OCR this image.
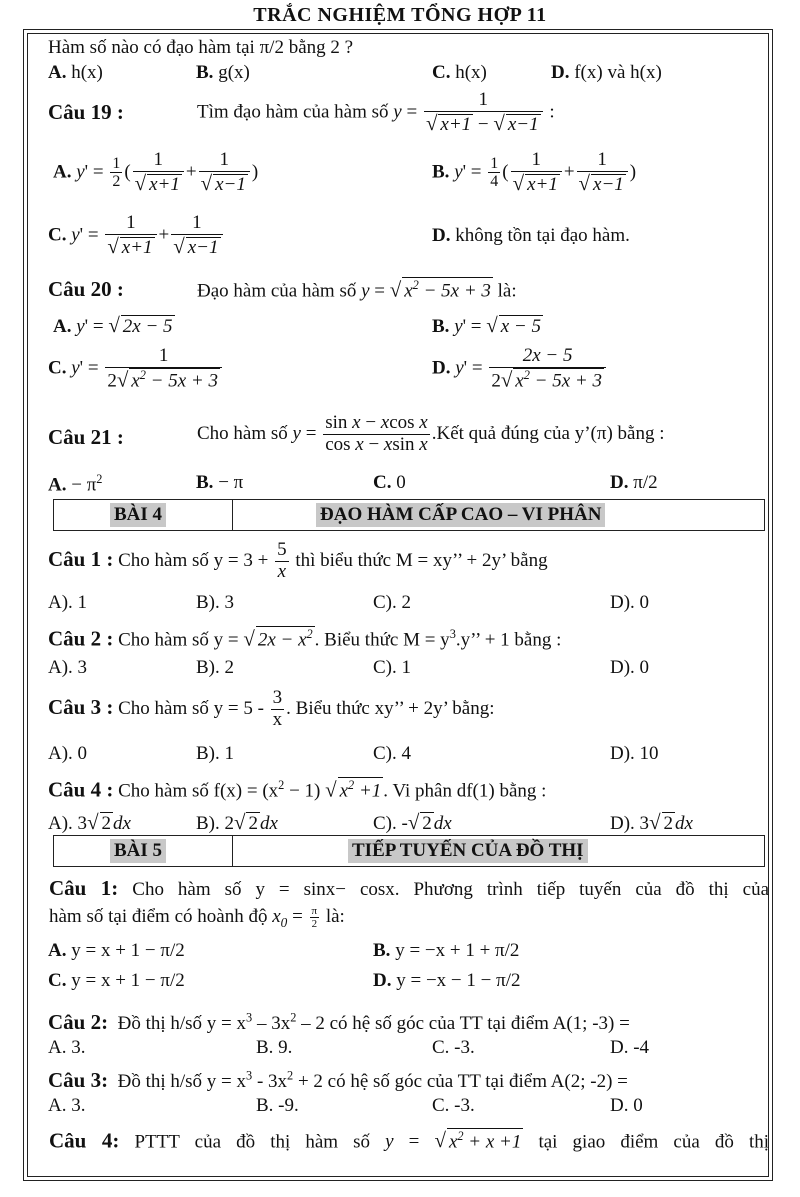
TRẮC NGHIỆM TỔNG HỢP 11
Hàm số nào có đạo hàm tại π/2 bằng 2 ?
A. h(x)	B. g(x)	C. h(x)	D. f(x) và h(x)
Câu 19 :	Tìm đạo hàm của hàm số $y = \frac{1}{√ x+1 - √ x-1}$ :
A. $y' = \frac{1}{2}$ ( $\frac{1}{√ x+1} + \frac{1}{√ x-1}$ )	B. $y' = \frac{1}{4}$ ( $\frac{1}{√ x+1} + \frac{1}{√ x-1}$ )
C. $y' = \frac{1}{√ x+1} + \frac{1}{√ x-1}$	D. không tồn tại đạo hàm.
Câu 20 :	Đạo hàm của hàm số y = √ $x^2 - 5x + 3$ là:
A. y' = √ 2x − 5	B. y' = √ x − 5
C. $y' = \frac{1}{2√ x^2 - 5x + 3}$	D. $y' = \frac{2x - 5}{2√ x^2 - 5x + 3}$
Câu 21 :	Cho hàm số $y = \frac{\text{sin x − xcos x}}{\text{cos x − xsin x}}$ .Kết quả đúng của y’(π) bằng :
A. − $\pi^2$	B. − π	C. 0	D. π/2
BÀI 4	ĐẠO HÀM CẤP CAO – VI PHÂN
Câu 1 : Cho hàm số $y = 3 + \frac{5}{x}$ thì biểu thức M = xy’’ + 2y’ bằng
A). 1	B). 3	C). 2	D). 0
Câu 2 : Cho hàm số y = √ $2x - x^2$ . Biểu thức $M = y^3.y$’’ + 1 bằng :
A). 3	B). 2	C). 1	D). 0
Câu 3 : Cho hàm số $y = 5 - \frac{3}{x}$ . Biểu thức xy’’ + 2y’ bằng:
A). 0	B). 1	C). 4	D). 10
Câu 4 : Cho hàm số $f(x) = (x^2 - 1)$ √ $x^2 +1$ . Vi phân df(1) bằng :
A). 3√ 2 dx	B). 2√ 2 dx	C). -√ 2 dx	D). 3√ 2 dx
BÀI 5	TIẾP TUYẾN CỦA ĐỒ THỊ
Câu 1: Cho hàm số y = sinx− cosx. Phương trình tiếp tuyến của đồ thị của
hàm số tại điểm có hoành độ $x_0 = \frac{\pi}{2}$ là:
A. y = x + 1 − π/2	B. y = −x + 1 + π/2
C. y = x + 1 − π/2	D. y = −x − 1 − π/2
Câu 2: Đồ thị h/số $y = x^3 - 3x^2 - 2$ có hệ số góc của TT tại điểm A(1; -3) =
A. 3.	B. 9.	C. -3.	D. -4
Câu 3: Đồ thị h/số $y = x^3 - 3x^2 + 2$ có hệ số góc của TT tại điểm A(2; -2) =
A. 3.	B. -9.	C. -3.	D. 0
Câu 4: PTTT của đồ thị hàm số y = √ $x^2 + x +1$ tại giao điểm của đồ thị
